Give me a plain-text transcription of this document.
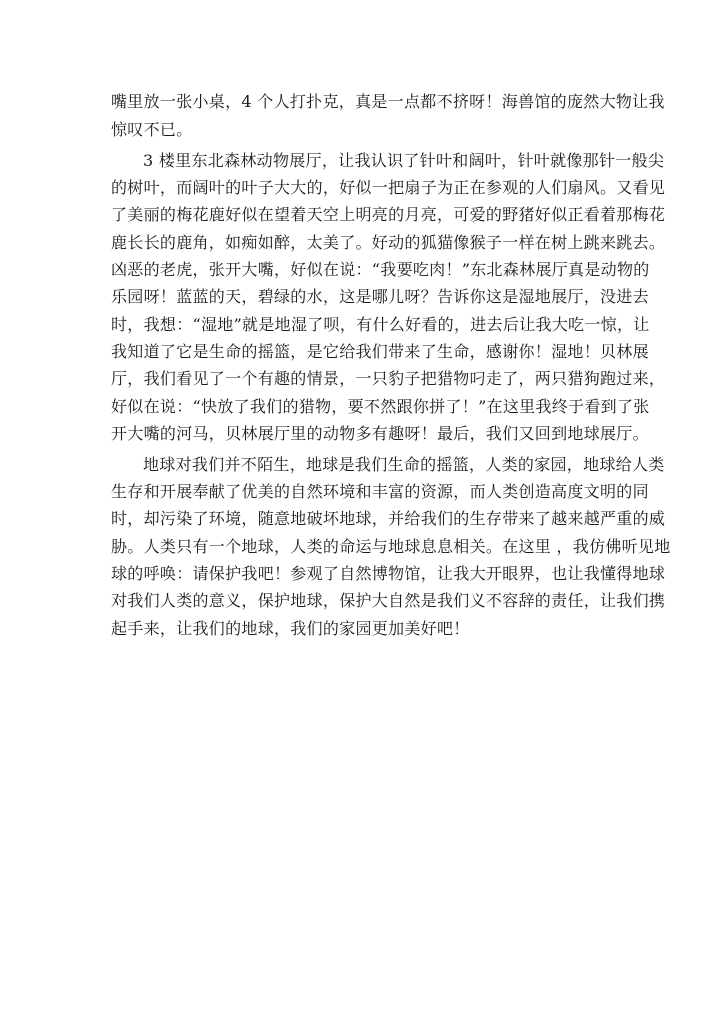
嘴里放一张小桌，4 个人打扑克，真是一点都不挤呀！海兽馆的庞然大物让我
惊叹不已。
3 楼里东北森林动物展厅，让我认识了针叶和阔叶，针叶就像那针一般尖
的树叶，而阔叶的叶子大大的，好似一把扇子为正在参观的人们扇风。又看见
了美丽的梅花鹿好似在望着天空上明亮的月亮，可爱的野猪好似正看着那梅花
鹿长长的鹿角，如痴如醉，太美了。好动的狐猫像猴子一样在树上跳来跳去。
凶恶的老虎，张开大嘴，好似在说：“我要吃肉！”东北森林展厅真是动物的
乐园呀！蓝蓝的天，碧绿的水，这是哪儿呀？告诉你这是湿地展厅，没进去
时，我想：“湿地”就是地湿了呗，有什么好看的，进去后让我大吃一惊，让
我知道了它是生命的摇篮，是它给我们带来了生命，感谢你！湿地！贝林展
厅，我们看见了一个有趣的情景，一只豹子把猎物叼走了，两只猎狗跑过来，
好似在说：“快放了我们的猎物，要不然跟你拼了！”在这里我终于看到了张
开大嘴的河马，贝林展厅里的动物多有趣呀！最后，我们又回到地球展厅。
地球对我们并不陌生，地球是我们生命的摇篮，人类的家园，地球给人类
生存和开展奉献了优美的自然环境和丰富的资源，而人类创造高度文明的同
时，却污染了环境，随意地破坏地球，并给我们的生存带来了越来越严重的威
胁。人类只有一个地球，人类的命运与地球息息相关。在这里 ，我仿佛听见地
球的呼唤：请保护我吧！参观了自然博物馆，让我大开眼界，也让我懂得地球
对我们人类的意义，保护地球，保护大自然是我们义不容辞的责任，让我们携
起手来，让我们的地球，我们的家园更加美好吧！
